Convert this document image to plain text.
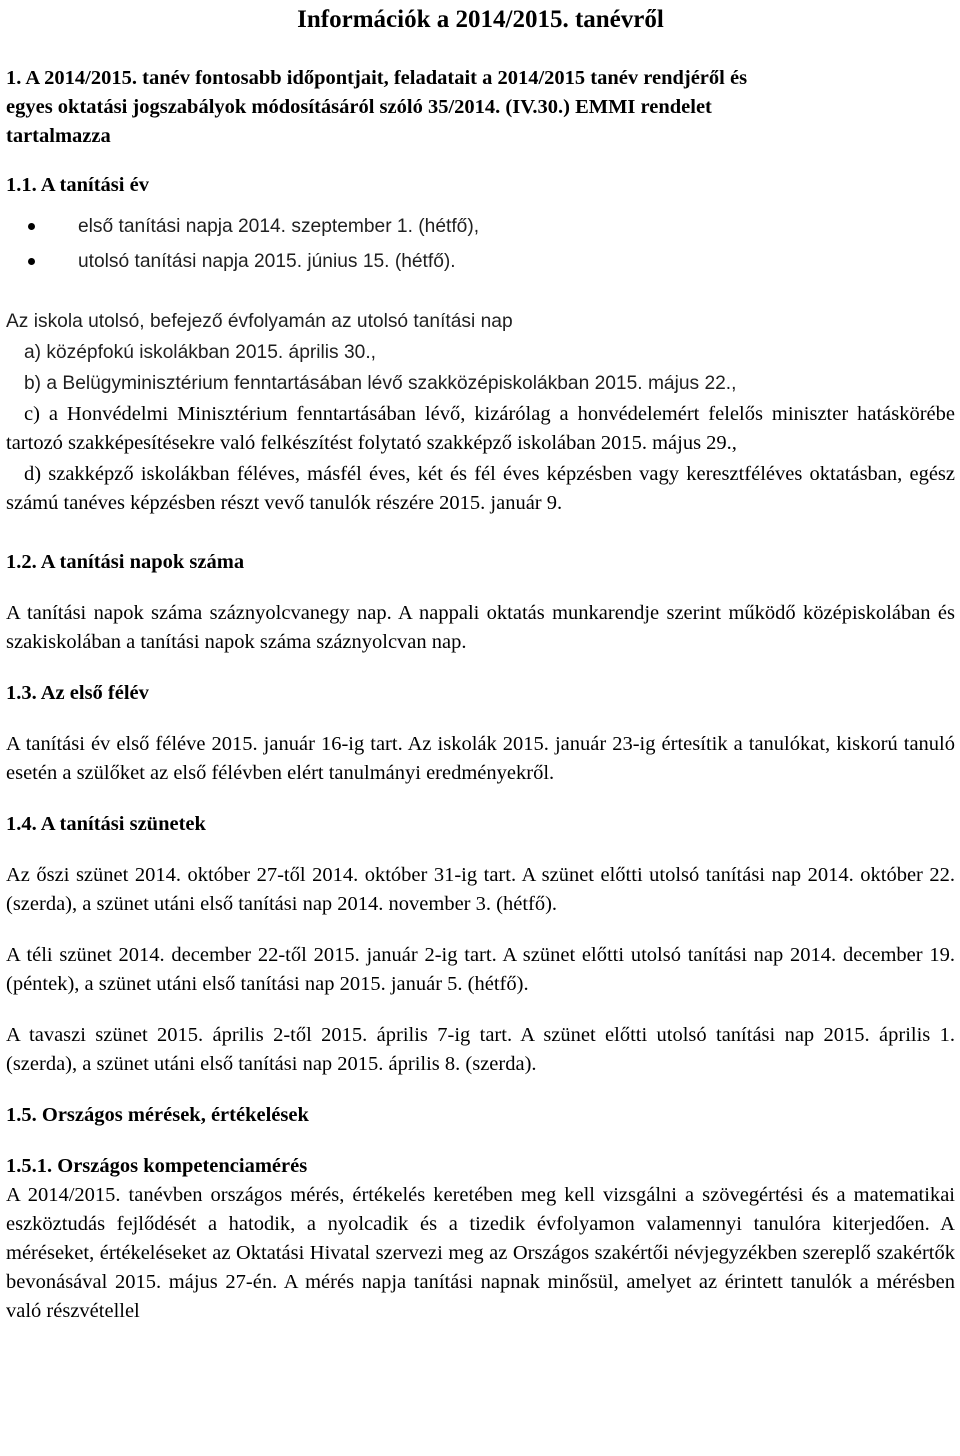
Információk a 2014/2015. tanévről
1. A 2014/2015. tanév fontosabb időpontjait, feladatait a 2014/2015 tanév rendjéről és
egyes oktatási jogszabályok módosításáról szóló 35/2014. (IV.30.) EMMI rendelet
tartalmazza
1.1. A tanítási év
első tanítási napja 2014. szeptember 1. (hétfő),
utolsó tanítási napja 2015. június 15. (hétfő).

Az iskola utolsó, befejező évfolyamán az utolsó tanítási nap

a) középfokú iskolákban 2015. április 30.,

b) a Belügyminisztérium fenntartásában lévő szakközépiskolákban 2015. május 22.,

c) a Honvédelmi Minisztérium fenntartásában lévő, kizárólag a honvédelemért felelős miniszter hatáskörébe tartozó szakképesítésekre való felkészítést folytató szakképző iskolában 2015. május 29.,

d) szakképző iskolákban féléves, másfél éves, két és fél éves képzésben vagy keresztféléves oktatásban, egész számú tanéves képzésben részt vevő tanulók részére 2015. január 9.

1.2. A tanítási napok száma

A tanítási napok száma száznyolcvanegy nap. A nappali oktatás munkarendje szerint működő középiskolában és szakiskolában a tanítási napok száma száznyolcvan nap.

1.3. Az első félév

A tanítási év első féléve 2015. január 16-ig tart. Az iskolák 2015. január 23-ig értesítik a tanulókat, kiskorú tanuló esetén a szülőket az első félévben elért tanulmányi eredményekről.

1.4. A tanítási szünetek

Az őszi szünet 2014. október 27-től 2014. október 31-ig tart. A szünet előtti utolsó tanítási nap 2014. október 22. (szerda), a szünet utáni első tanítási nap 2014. november 3. (hétfő).

A téli szünet 2014. december 22-től 2015. január 2-ig tart. A szünet előtti utolsó tanítási nap 2014. december 19. (péntek), a szünet utáni első tanítási nap 2015. január 5. (hétfő).

A tavaszi szünet 2015. április 2-től 2015. április 7-ig tart. A szünet előtti utolsó tanítási nap 2015. április 1. (szerda), a szünet utáni első tanítási nap 2015. április 8. (szerda).

1.5. Országos mérések, értékelések
1.5.1. Országos kompetenciamérés

A 2014/2015. tanévben országos mérés, értékelés keretében meg kell vizsgálni a szövegértési és a matematikai eszköztudás fejlődését a hatodik, a nyolcadik és a tizedik évfolyamon valamennyi tanulóra kiterjedően. A méréseket, értékeléseket az Oktatási Hivatal szervezi meg az Országos szakértői névjegyzékben szereplő szakértők bevonásával 2015. május 27-én. A mérés napja tanítási napnak minősül, amelyet az érintett tanulók a mérésben való részvétellel
